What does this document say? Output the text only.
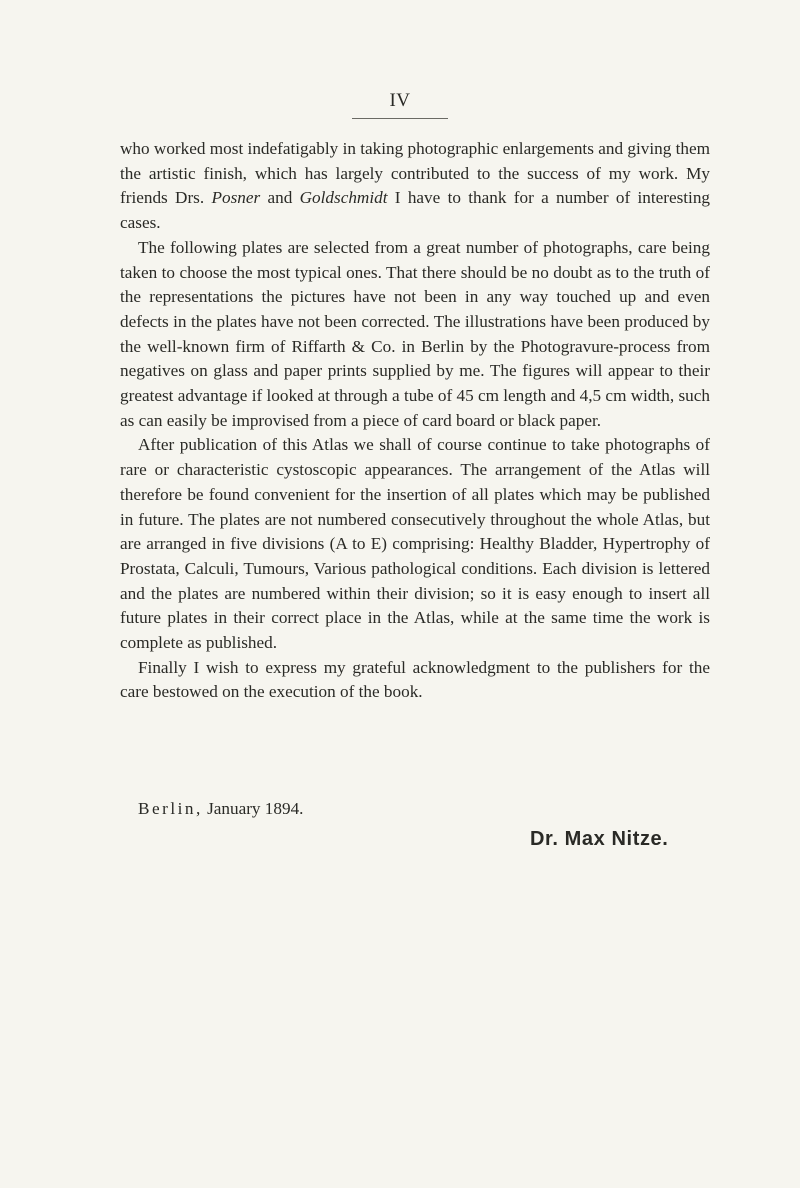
IV

who worked most indefatigably in taking photographic enlargements and giving them the artistic finish, which has largely contributed to the success of my work. My friends Drs. Posner and Goldschmidt I have to thank for a number of interesting cases.

The following plates are selected from a great number of photographs, care being taken to choose the most typical ones. That there should be no doubt as to the truth of the representations the pictures have not been in any way touched up and even defects in the plates have not been corrected. The illustrations have been produced by the well-known firm of Riffarth & Co. in Berlin by the Photogravure-process from negatives on glass and paper prints supplied by me. The figures will appear to their greatest advantage if looked at through a tube of 45 cm length and 4,5 cm width, such as can easily be improvised from a piece of card board or black paper.

After publication of this Atlas we shall of course continue to take photographs of rare or characteristic cystoscopic appearances. The arrangement of the Atlas will therefore be found convenient for the insertion of all plates which may be published in future. The plates are not numbered consecutively throughout the whole Atlas, but are arranged in five divisions (A to E) comprising: Healthy Bladder, Hypertrophy of Prostata, Calculi, Tumours, Various pathological conditions. Each division is lettered and the plates are numbered within their division; so it is easy enough to insert all future plates in their correct place in the Atlas, while at the same time the work is complete as published.

Finally I wish to express my grateful acknowledgment to the publishers for the care bestowed on the execution of the book.

Berlin, January 1894.
Dr. Max Nitze.
